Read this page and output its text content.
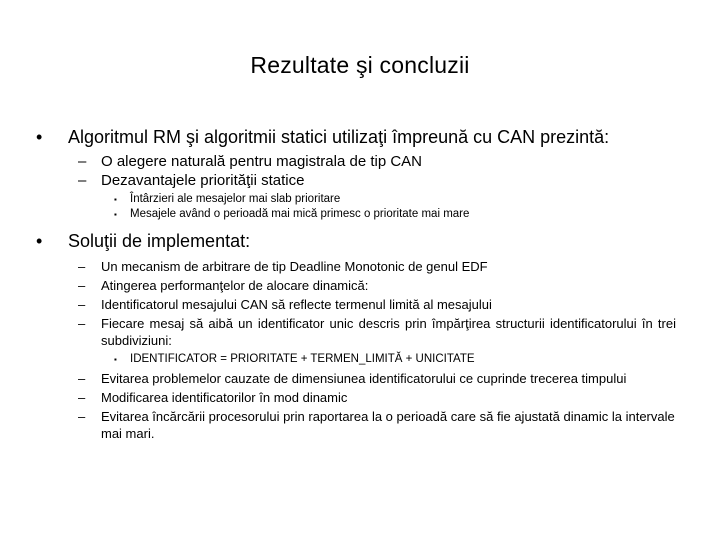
Rezultate şi concluzii
• Algoritmul RM şi algoritmii statici utilizaţi împreună cu CAN prezintă:
– O alegere naturală pentru magistrala de tip CAN
– Dezavantajele priorităţii statice
▪ Întârzieri ale mesajelor mai slab prioritare
▪ Mesajele având o perioadă mai mică primesc o prioritate mai mare
• Soluţii de implementat:
– Un mecanism de arbitrare de tip Deadline Monotonic de genul EDF
– Atingerea performanţelor de alocare dinamică:
– Identificatorul mesajului CAN să reflecte termenul limită al mesajului
– Fiecare mesaj să aibă un identificator unic descris prin împărţirea structurii identificatorului în trei subdiviziuni:
▪ IDENTIFICATOR = PRIORITATE + TERMEN_LIMITĂ + UNICITATE
– Evitarea problemelor cauzate de dimensiunea identificatorului ce cuprinde trecerea timpului
– Modificarea identificatorilor în mod dinamic
– Evitarea încărcării procesorului prin raportarea la o perioadă care să fie ajustată dinamic la intervale mai mari.
